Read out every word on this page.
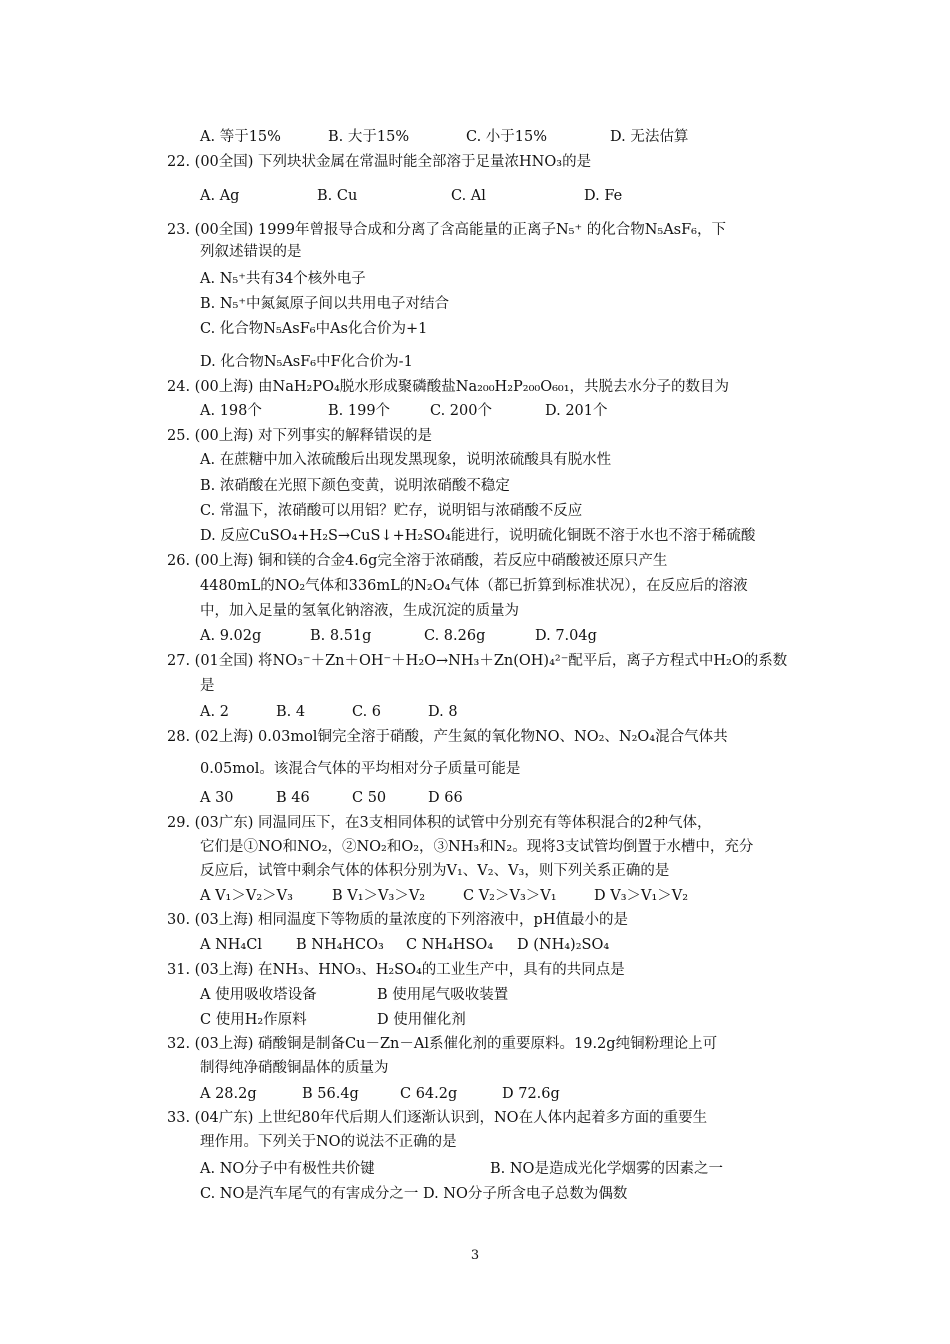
A. 等于15%	B. 大于15%	C. 小于15%	D. 无法估算
22. (00全国) 下列块状金属在常温时能全部溶于足量浓HNO₃的是
A. Ag	B. Cu	C. Al	D. Fe
23. (00全国) 1999年曾报导合成和分离了含高能量的正离子N₅⁺ 的化合物N₅AsF₆，下
列叙述错误的是
A. N₅⁺共有34个核外电子
B. N₅⁺中氮氮原子间以共用电子对结合
C. 化合物N₅AsF₆中As化合价为+1
D. 化合物N₅AsF₆中F化合价为-1
24. (00上海) 由NaH₂PO₄脱水形成聚磷酸盐Na₂₀₀H₂P₂₀₀O₆₀₁，共脱去水分子的数目为
A. 198个	B. 199个	C. 200个	D. 201个
25. (00上海) 对下列事实的解释错误的是
A. 在蔗糖中加入浓硫酸后出现发黑现象，说明浓硫酸具有脱水性
B. 浓硝酸在光照下颜色变黄，说明浓硝酸不稳定
C. 常温下，浓硝酸可以用铝？贮存，说明铝与浓硝酸不反应
D. 反应CuSO₄+H₂S→CuS↓+H₂SO₄能进行，说明硫化铜既不溶于水也不溶于稀硫酸
26. (00上海) 铜和镁的合金4.6g完全溶于浓硝酸，若反应中硝酸被还原只产生
4480mL的NO₂气体和336mL的N₂O₄气体（都已折算到标准状况），在反应后的溶液
中，加入足量的氢氧化钠溶液，生成沉淀的质量为
A. 9.02g	B. 8.51g	C. 8.26g	D. 7.04g
27. (01全国) 将NO₃⁻＋Zn＋OH⁻＋H₂O→NH₃＋Zn(OH)₄²⁻配平后，离子方程式中H₂O的系数
是
A. 2	B. 4	C. 6	D. 8
28. (02上海) 0.03mol铜完全溶于硝酸，产生氮的氧化物NO、NO₂、N₂O₄混合气体共
0.05mol。该混合气体的平均相对分子质量可能是
A 30	B 46	C 50	D 66
29. (03广东) 同温同压下，在3支相同体积的试管中分别充有等体积混合的2种气体，
它们是①NO和NO₂，②NO₂和O₂，③NH₃和N₂。现将3支试管均倒置于水槽中，充分
反应后，试管中剩余气体的体积分别为V₁、V₂、V₃，则下列关系正确的是
A V₁＞V₂＞V₃	B V₁＞V₃＞V₂	C V₂＞V₃＞V₁	D V₃＞V₁＞V₂
30. (03上海) 相同温度下等物质的量浓度的下列溶液中，pH值最小的是
A NH₄Cl B NH₄HCO₃ C NH₄HSO₄ D (NH₄)₂SO₄
31. (03上海) 在NH₃、HNO₃、H₂SO₄的工业生产中，具有的共同点是
A 使用吸收塔设备	B 使用尾气吸收装置
C 使用H₂作原料	D 使用催化剂
32. (03上海) 硝酸铜是制备Cu－Zn－Al系催化剂的重要原料。19.2g纯铜粉理论上可
制得纯净硝酸铜晶体的质量为
A 28.2g	B 56.4g	C 64.2g	D 72.6g
33. (04广东) 上世纪80年代后期人们逐渐认识到，NO在人体内起着多方面的重要生
理作用。下列关于NO的说法不正确的是
A. NO分子中有极性共价键	B. NO是造成光化学烟雾的因素之一
C. NO是汽车尾气的有害成分之一 D. NO分子所含电子总数为偶数
3
